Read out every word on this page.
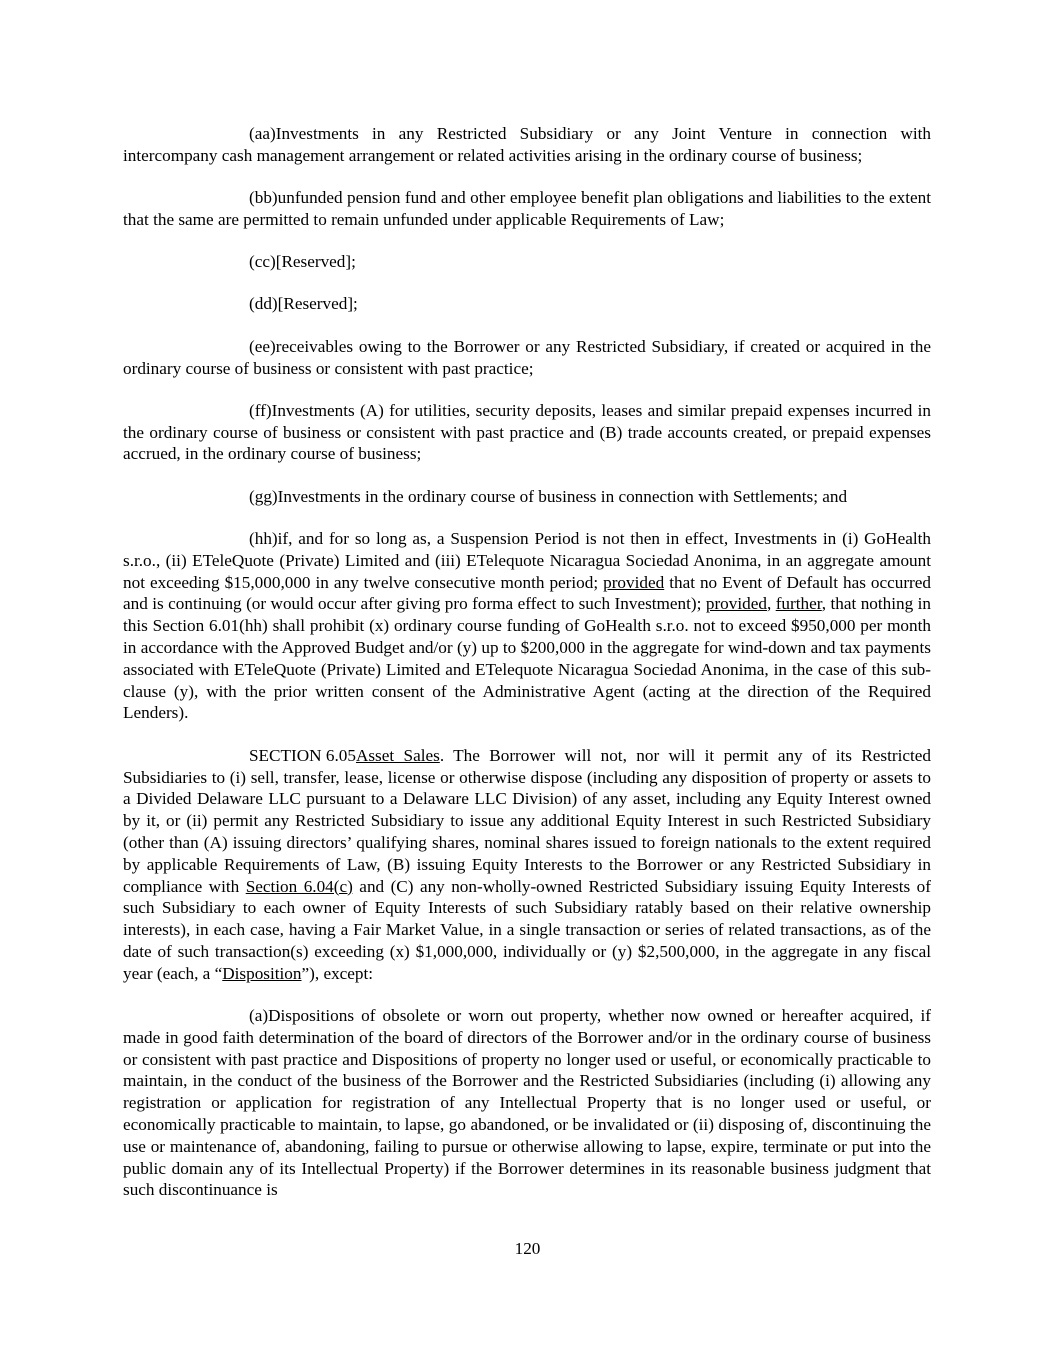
(aa)Investments in any Restricted Subsidiary or any Joint Venture in connection with intercompany cash management arrangement or related activities arising in the ordinary course of business;

(bb)unfunded pension fund and other employee benefit plan obligations and liabilities to the extent that the same are permitted to remain unfunded under applicable Requirements of Law;

(cc)[Reserved];

(dd)[Reserved];

(ee)receivables owing to the Borrower or any Restricted Subsidiary, if created or acquired in the ordinary course of business or consistent with past practice;

(ff)Investments (A) for utilities, security deposits, leases and similar prepaid expenses incurred in the ordinary course of business or consistent with past practice and (B) trade accounts created, or prepaid expenses accrued, in the ordinary course of business;

(gg)Investments in the ordinary course of business in connection with Settlements; and

(hh)if, and for so long as, a Suspension Period is not then in effect, Investments in (i) GoHealth s.r.o., (ii) ETeleQuote (Private) Limited and (iii) ETelequote Nicaragua Sociedad Anonima, in an aggregate amount not exceeding $15,000,000 in any twelve consecutive month period; provided that no Event of Default has occurred and is continuing (or would occur after giving pro forma effect to such Investment); provided, further, that nothing in this Section 6.01(hh) shall prohibit (x) ordinary course funding of GoHealth s.r.o. not to exceed $950,000 per month in accordance with the Approved Budget and/or (y) up to $200,000 in the aggregate for wind-down and tax payments associated with ETeleQuote (Private) Limited and ETelequote Nicaragua Sociedad Anonima, in the case of this sub-clause (y), with the prior written consent of the Administrative Agent (acting at the direction of the Required Lenders).

SECTION 6.05Asset Sales. The Borrower will not, nor will it permit any of its Restricted Subsidiaries to (i) sell, transfer, lease, license or otherwise dispose (including any disposition of property or assets to a Divided Delaware LLC pursuant to a Delaware LLC Division) of any asset, including any Equity Interest owned by it, or (ii) permit any Restricted Subsidiary to issue any additional Equity Interest in such Restricted Subsidiary (other than (A) issuing directors’ qualifying shares, nominal shares issued to foreign nationals to the extent required by applicable Requirements of Law, (B) issuing Equity Interests to the Borrower or any Restricted Subsidiary in compliance with Section 6.04(c) and (C) any non-wholly-owned Restricted Subsidiary issuing Equity Interests of such Subsidiary to each owner of Equity Interests of such Subsidiary ratably based on their relative ownership interests), in each case, having a Fair Market Value, in a single transaction or series of related transactions, as of the date of such transaction(s) exceeding (x) $1,000,000, individually or (y) $2,500,000, in the aggregate in any fiscal year (each, a “Disposition”), except:

(a)Dispositions of obsolete or worn out property, whether now owned or hereafter acquired, if made in good faith determination of the board of directors of the Borrower and/or in the ordinary course of business or consistent with past practice and Dispositions of property no longer used or useful, or economically practicable to maintain, in the conduct of the business of the Borrower and the Restricted Subsidiaries (including (i) allowing any registration or application for registration of any Intellectual Property that is no longer used or useful, or economically practicable to maintain, to lapse, go abandoned, or be invalidated or (ii) disposing of, discontinuing the use or maintenance of, abandoning, failing to pursue or otherwise allowing to lapse, expire, terminate or put into the public domain any of its Intellectual Property) if the Borrower determines in its reasonable business judgment that such discontinuance is

120
